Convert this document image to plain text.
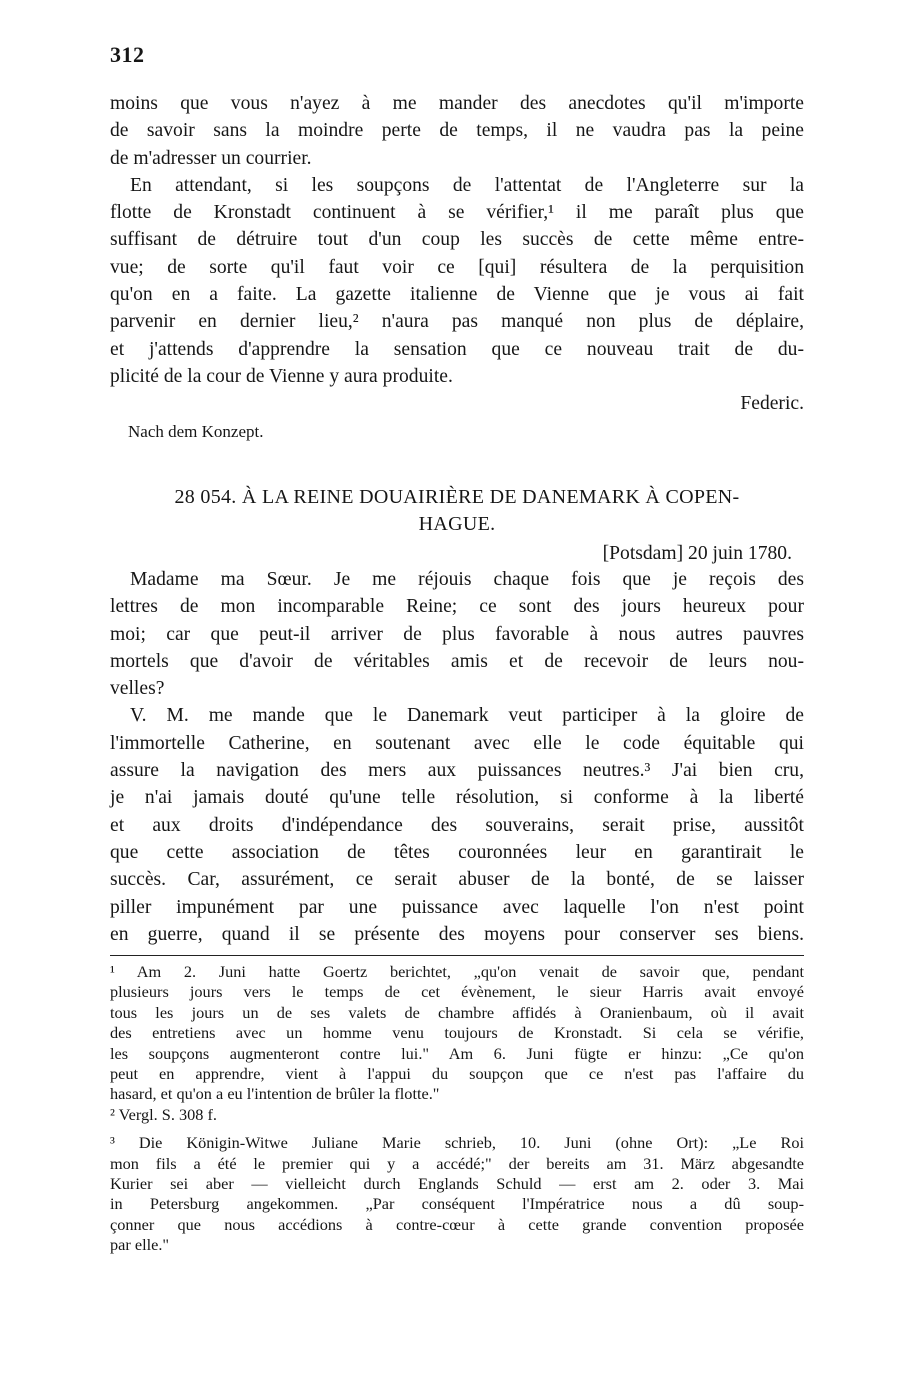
312
moins que vous n'ayez à me mander des anecdotes qu'il m'importe
de savoir sans la moindre perte de temps, il ne vaudra pas la peine
de m'adresser un courrier.
En attendant, si les soupçons de l'attentat de l'Angleterre sur la
flotte de Kronstadt continuent à se vérifier,¹ il me paraît plus que
suffisant de détruire tout d'un coup les succès de cette même entre-
vue; de sorte qu'il faut voir ce [qui] résultera de la perquisition
qu'on en a faite. La gazette italienne de Vienne que je vous ai fait
parvenir en dernier lieu,² n'aura pas manqué non plus de déplaire,
et j'attends d'apprendre la sensation que ce nouveau trait de du-
plicité de la cour de Vienne y aura produite.
Federic.
Nach dem Konzept.
28 054. À LA REINE DOUAIRIÈRE DE DANEMARK À COPEN-
HAGUE.
[Potsdam] 20 juin 1780.
Madame ma Sœur. Je me réjouis chaque fois que je reçois des
lettres de mon incomparable Reine; ce sont des jours heureux pour
moi; car que peut-il arriver de plus favorable à nous autres pauvres
mortels que d'avoir de véritables amis et de recevoir de leurs nou-
velles?
V. M. me mande que le Danemark veut participer à la gloire de
l'immortelle Catherine, en soutenant avec elle le code équitable qui
assure la navigation des mers aux puissances neutres.³ J'ai bien cru,
je n'ai jamais douté qu'une telle résolution, si conforme à la liberté
et aux droits d'indépendance des souverains, serait prise, aussitôt
que cette association de têtes couronnées leur en garantirait le
succès. Car, assurément, ce serait abuser de la bonté, de se laisser
piller impunément par une puissance avec laquelle l'on n'est point
en guerre, quand il se présente des moyens pour conserver ses biens.
¹ Am 2. Juni hatte Goertz berichtet, „qu'on venait de savoir que, pendant
plusieurs jours vers le temps de cet évènement, le sieur Harris avait envoyé
tous les jours un de ses valets de chambre affidés à Oranienbaum, où il avait
des entretiens avec un homme venu toujours de Kronstadt. Si cela se vérifie,
les soupçons augmenteront contre lui." Am 6. Juni fügte er hinzu: „Ce qu'on
peut en apprendre, vient à l'appui du soupçon que ce n'est pas l'affaire du
hasard, et qu'on a eu l'intention de brûler la flotte."
² Vergl. S. 308 f.
³ Die Königin-Witwe Juliane Marie schrieb, 10. Juni (ohne Ort): „Le Roi
mon fils a été le premier qui y a accédé;" der bereits am 31. März abgesandte
Kurier sei aber — vielleicht durch Englands Schuld — erst am 2. oder 3. Mai
in Petersburg angekommen. „Par conséquent l'Impératrice nous a dû soup-
çonner que nous accédions à contre-cœur à cette grande convention proposée
par elle."
